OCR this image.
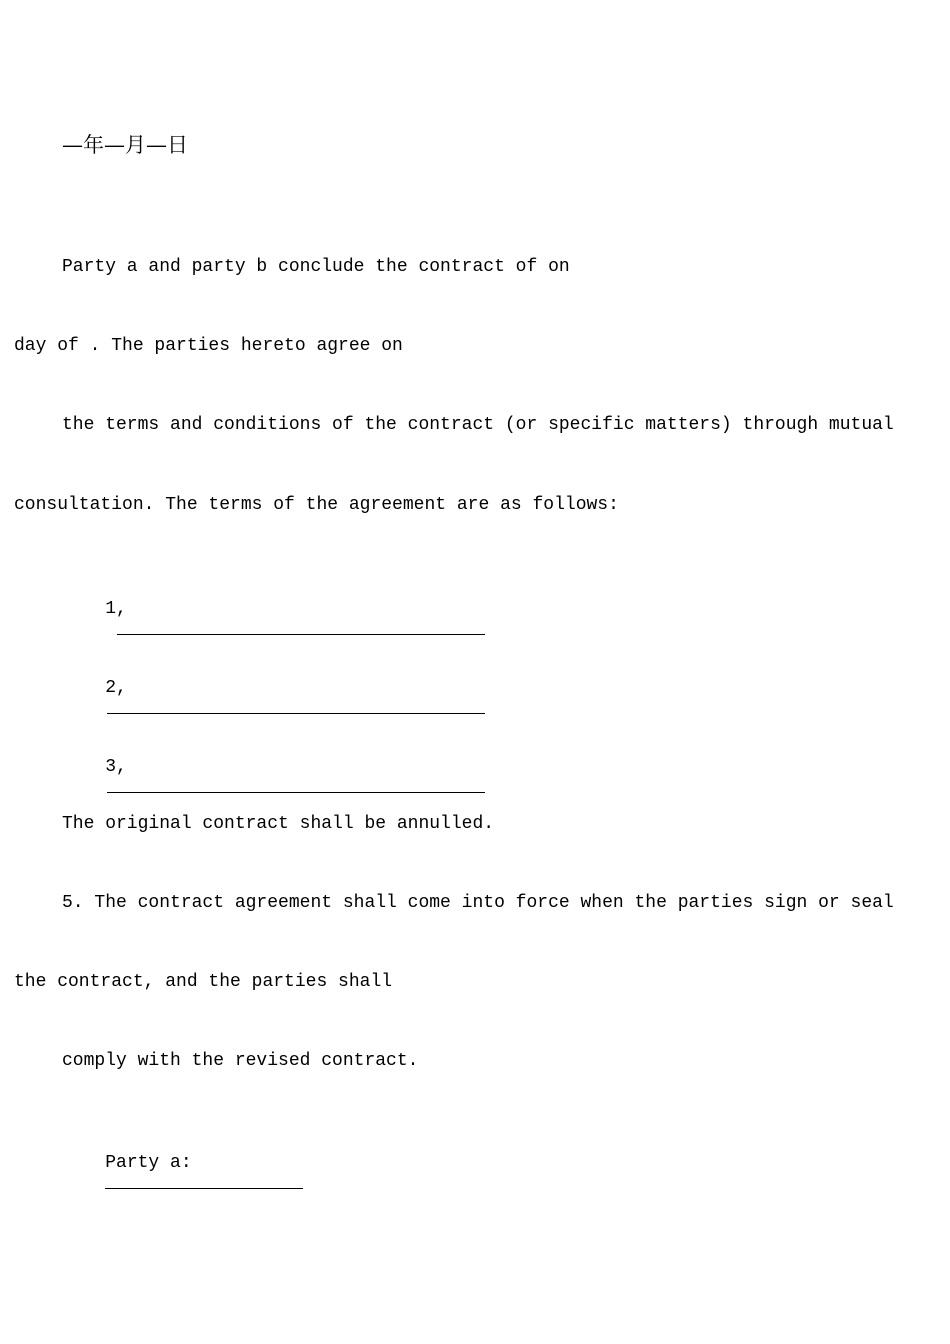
—年—月—日
Party a and party b conclude the contract of on
day of . The parties hereto agree on
the terms and conditions of the contract (or specific matters) through mutual
consultation. The terms of the agreement are as follows:

1,

2,

3,

The original contract shall be annulled.
5. The contract agreement shall come into force when the parties sign or seal
the contract, and the parties shall
comply with the revised contract.

Party a:
